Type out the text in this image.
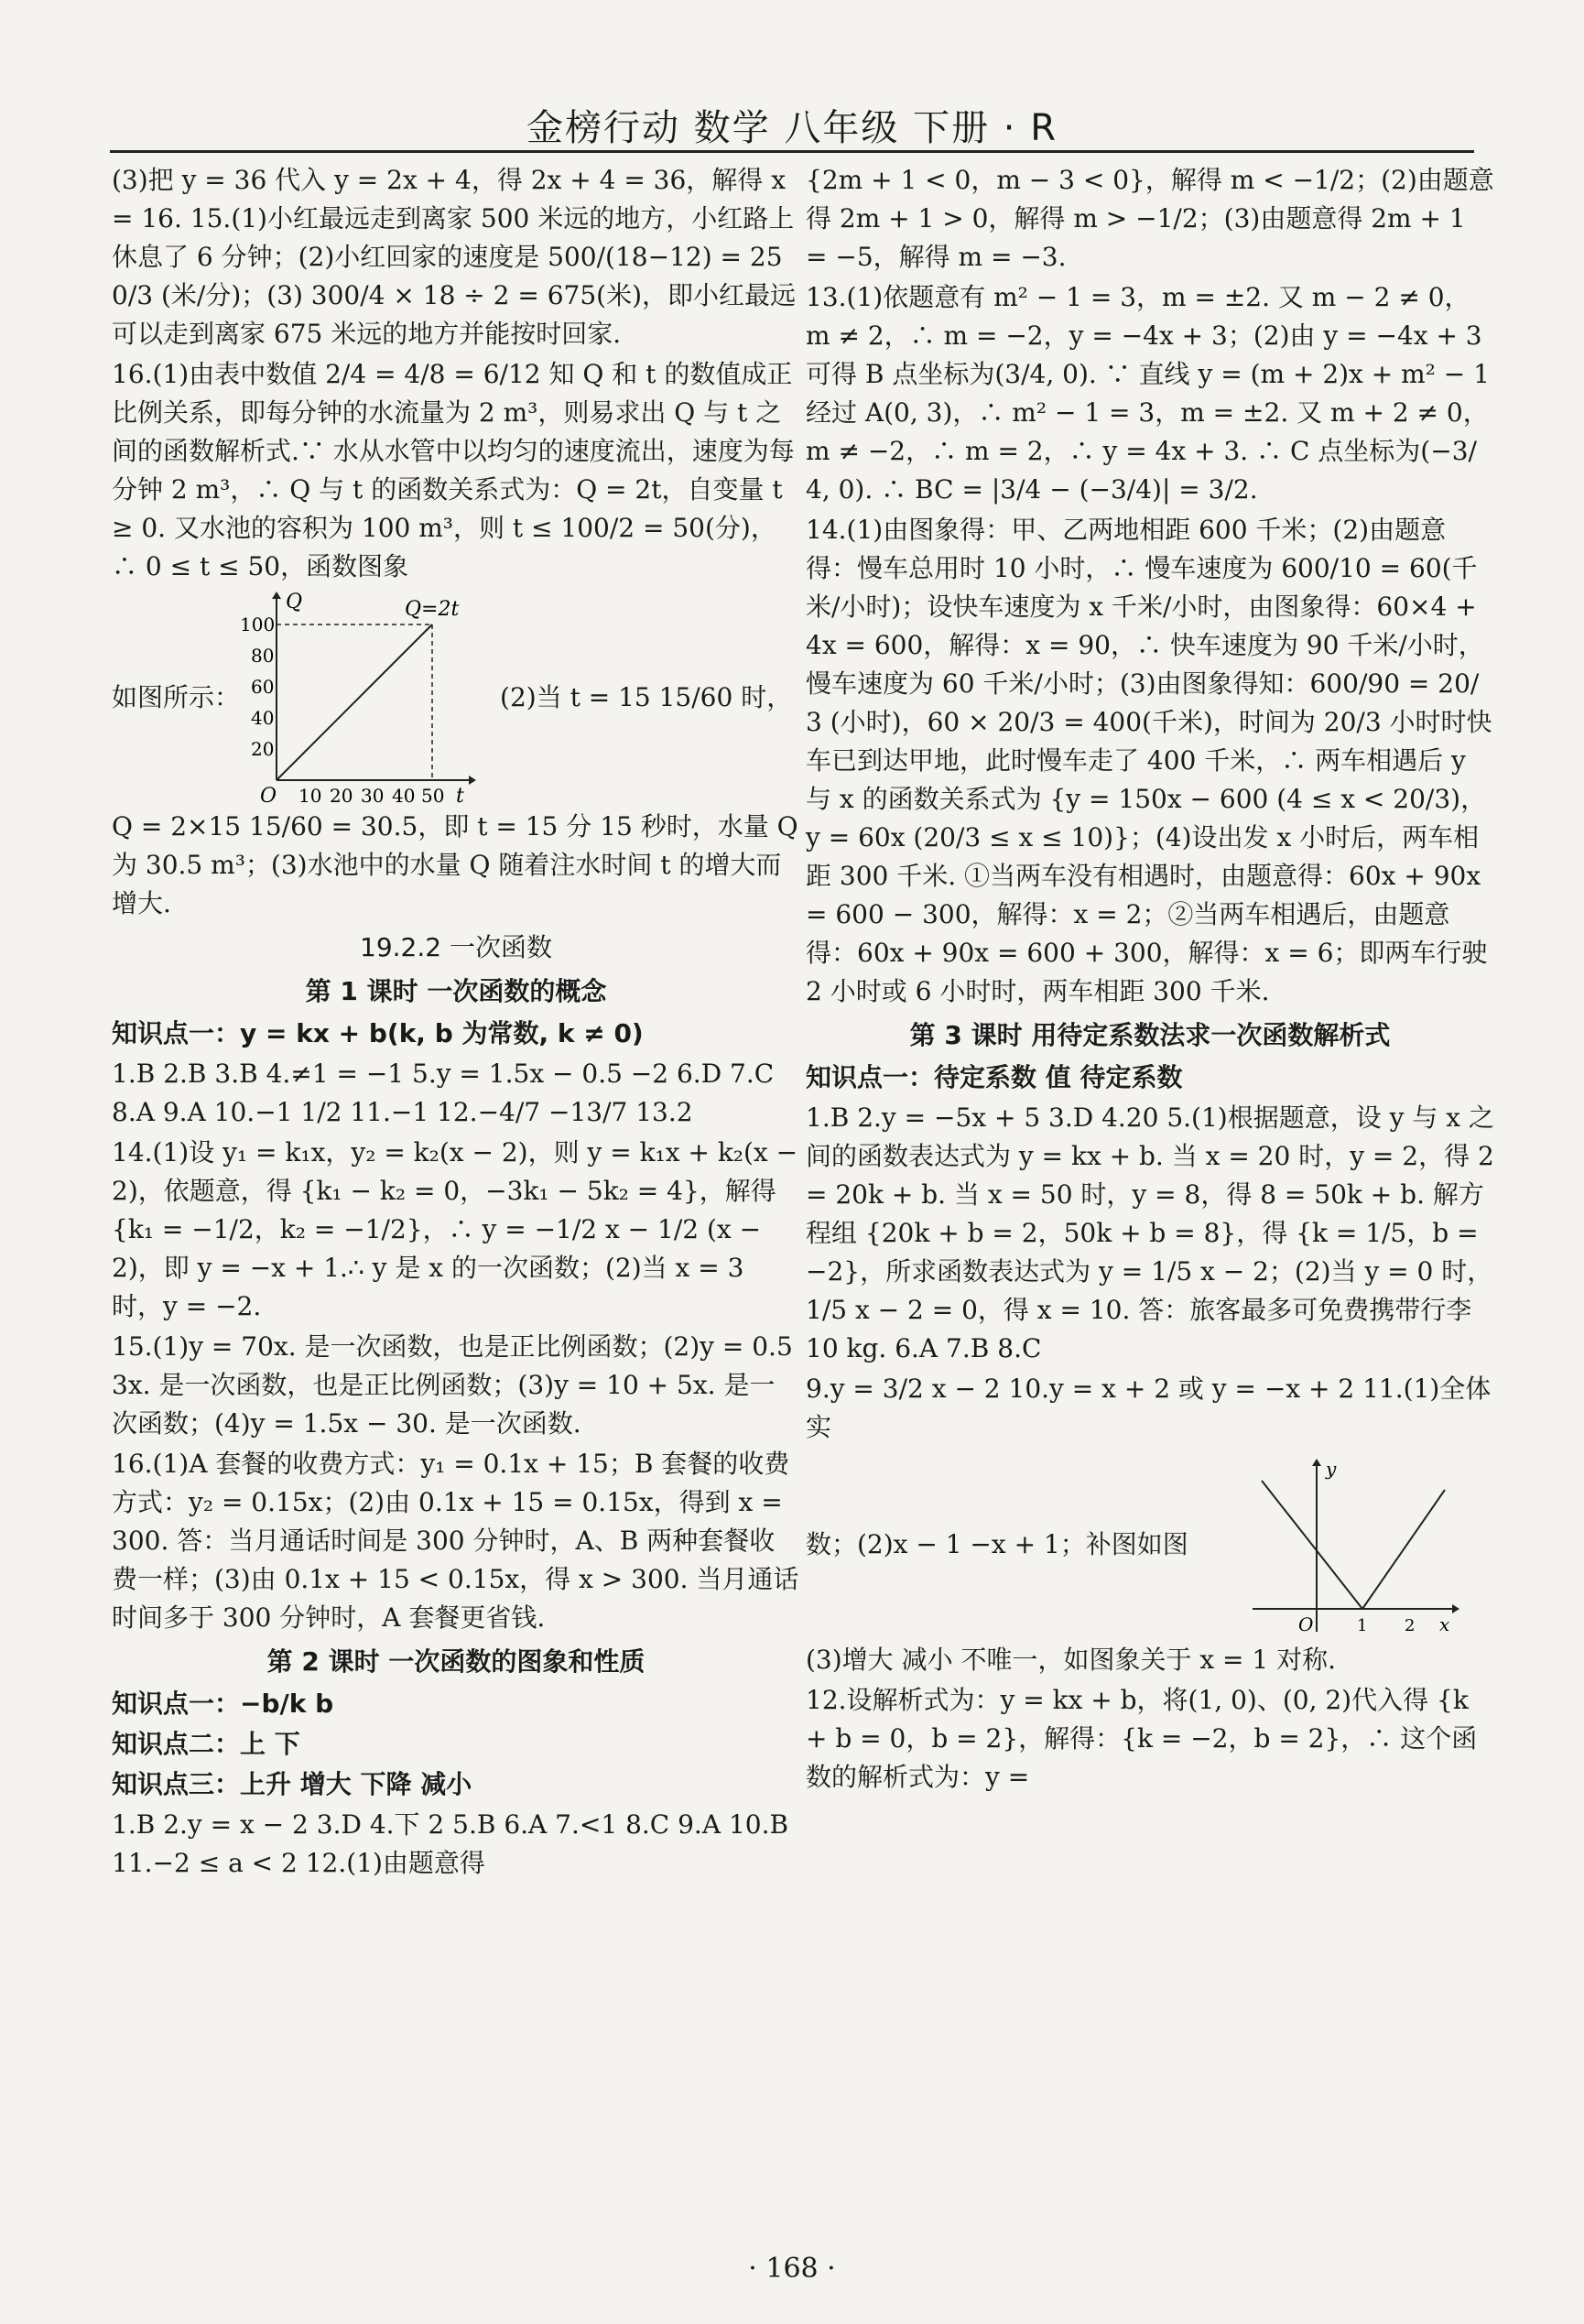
金榜行动 数学 八年级 下册 · R

(3)把 y = 36 代入 y = 2x + 4，得 2x + 4 = 36，解得 x = 16. 15.(1)小红最远走到离家 500 米远的地方，小红路上休息了 6 分钟；(2)小红回家的速度是 500/(18−12) = 250/3 (米/分)；(3) 300/4 × 18 ÷ 2 = 675(米)，即小红最远可以走到离家 675 米远的地方并能按时回家.

16.(1)由表中数值 2/4 = 4/8 = 6/12 知 Q 和 t 的数值成正比例关系，即每分钟的水流量为 2 m³，则易求出 Q 与 t 之间的函数解析式.∵ 水从水管中以均匀的速度流出，速度为每分钟 2 m³，∴ Q 与 t 的函数关系式为：Q = 2t，自变量 t ≥ 0. 又水池的容积为 100 m³，则 t ≤ 100/2 = 50(分)，∴ 0 ≤ t ≤ 50，函数图象

如图所示：
Q
t
O
Q=2t
100
80
60
40
20
10 20 30 40 50
(2)当 t = 15 15/60 时，

Q = 2×15 15/60 = 30.5，即 t = 15 分 15 秒时，水量 Q 为 30.5 m³；(3)水池中的水量 Q 随着注水时间 t 的增大而增大.

19.2.2 一次函数
第 1 课时 一次函数的概念

知识点一：y = kx + b(k, b 为常数, k ≠ 0)

1.B 2.B 3.B 4.≠1 = −1 5.y = 1.5x − 0.5 −2 6.D 7.C 8.A 9.A 10.−1 1/2 11.−1 12.−4/7 −13/7 13.2

14.(1)设 y₁ = k₁x，y₂ = k₂(x − 2)，则 y = k₁x + k₂(x − 2)，依题意，得 {k₁ − k₂ = 0，−3k₁ − 5k₂ = 4}，解得 {k₁ = −1/2，k₂ = −1/2}，∴ y = −1/2 x − 1/2 (x − 2)，即 y = −x + 1.∴ y 是 x 的一次函数；(2)当 x = 3 时，y = −2.

15.(1)y = 70x. 是一次函数，也是正比例函数；(2)y = 0.53x. 是一次函数，也是正比例函数；(3)y = 10 + 5x. 是一次函数；(4)y = 1.5x − 30. 是一次函数.

16.(1)A 套餐的收费方式：y₁ = 0.1x + 15；B 套餐的收费方式：y₂ = 0.15x；(2)由 0.1x + 15 = 0.15x，得到 x = 300. 答：当月通话时间是 300 分钟时，A、B 两种套餐收费一样；(3)由 0.1x + 15 < 0.15x，得 x > 300. 当月通话时间多于 300 分钟时，A 套餐更省钱.

第 2 课时 一次函数的图象和性质

知识点一：−b/k b

知识点二：上 下

知识点三：上升 增大 下降 减小

1.B 2.y = x − 2 3.D 4.下 2 5.B 6.A 7.<1 8.C 9.A 10.B 11.−2 ≤ a < 2 12.(1)由题意得

{2m + 1 < 0，m − 3 < 0}，解得 m < −1/2；(2)由题意得 2m + 1 > 0，解得 m > −1/2；(3)由题意得 2m + 1 = −5，解得 m = −3.

13.(1)依题意有 m² − 1 = 3，m = ±2. 又 m − 2 ≠ 0，m ≠ 2，∴ m = −2，y = −4x + 3；(2)由 y = −4x + 3 可得 B 点坐标为(3/4, 0). ∵ 直线 y = (m + 2)x + m² − 1 经过 A(0, 3)，∴ m² − 1 = 3，m = ±2. 又 m + 2 ≠ 0，m ≠ −2，∴ m = 2，∴ y = 4x + 3. ∴ C 点坐标为(−3/4, 0). ∴ BC = |3/4 − (−3/4)| = 3/2.

14.(1)由图象得：甲、乙两地相距 600 千米；(2)由题意得：慢车总用时 10 小时，∴ 慢车速度为 600/10 = 60(千米/小时)；设快车速度为 x 千米/小时，由图象得：60×4 + 4x = 600，解得：x = 90，∴ 快车速度为 90 千米/小时，慢车速度为 60 千米/小时；(3)由图象得知：600/90 = 20/3 (小时)，60 × 20/3 = 400(千米)，时间为 20/3 小时时快车已到达甲地，此时慢车走了 400 千米，∴ 两车相遇后 y 与 x 的函数关系式为 {y = 150x − 600 (4 ≤ x < 20/3)，y = 60x (20/3 ≤ x ≤ 10)}；(4)设出发 x 小时后，两车相距 300 千米. ①当两车没有相遇时，由题意得：60x + 90x = 600 − 300，解得：x = 2；②当两车相遇后，由题意得：60x + 90x = 600 + 300，解得：x = 6；即两车行驶 2 小时或 6 小时时，两车相距 300 千米.

第 3 课时 用待定系数法求一次函数解析式

知识点一：待定系数 值 待定系数

1.B 2.y = −5x + 5 3.D 4.20 5.(1)根据题意，设 y 与 x 之间的函数表达式为 y = kx + b. 当 x = 20 时，y = 2，得 2 = 20k + b. 当 x = 50 时，y = 8，得 8 = 50k + b. 解方程组 {20k + b = 2，50k + b = 8}，得 {k = 1/5，b = −2}，所求函数表达式为 y = 1/5 x − 2；(2)当 y = 0 时，1/5 x − 2 = 0，得 x = 10. 答：旅客最多可免费携带行李 10 kg. 6.A 7.B 8.C

9.y = 3/2 x − 2 10.y = x + 2 或 y = −x + 2 11.(1)全体实

数；(2)x − 1 −x + 1；补图如图
y
x
O	1 2

(3)增大 减小 不唯一，如图象关于 x = 1 对称.

12.设解析式为：y = kx + b，将(1, 0)、(0, 2)代入得 {k + b = 0，b = 2}，解得：{k = −2，b = 2}，∴ 这个函数的解析式为：y =

· 168 ·
